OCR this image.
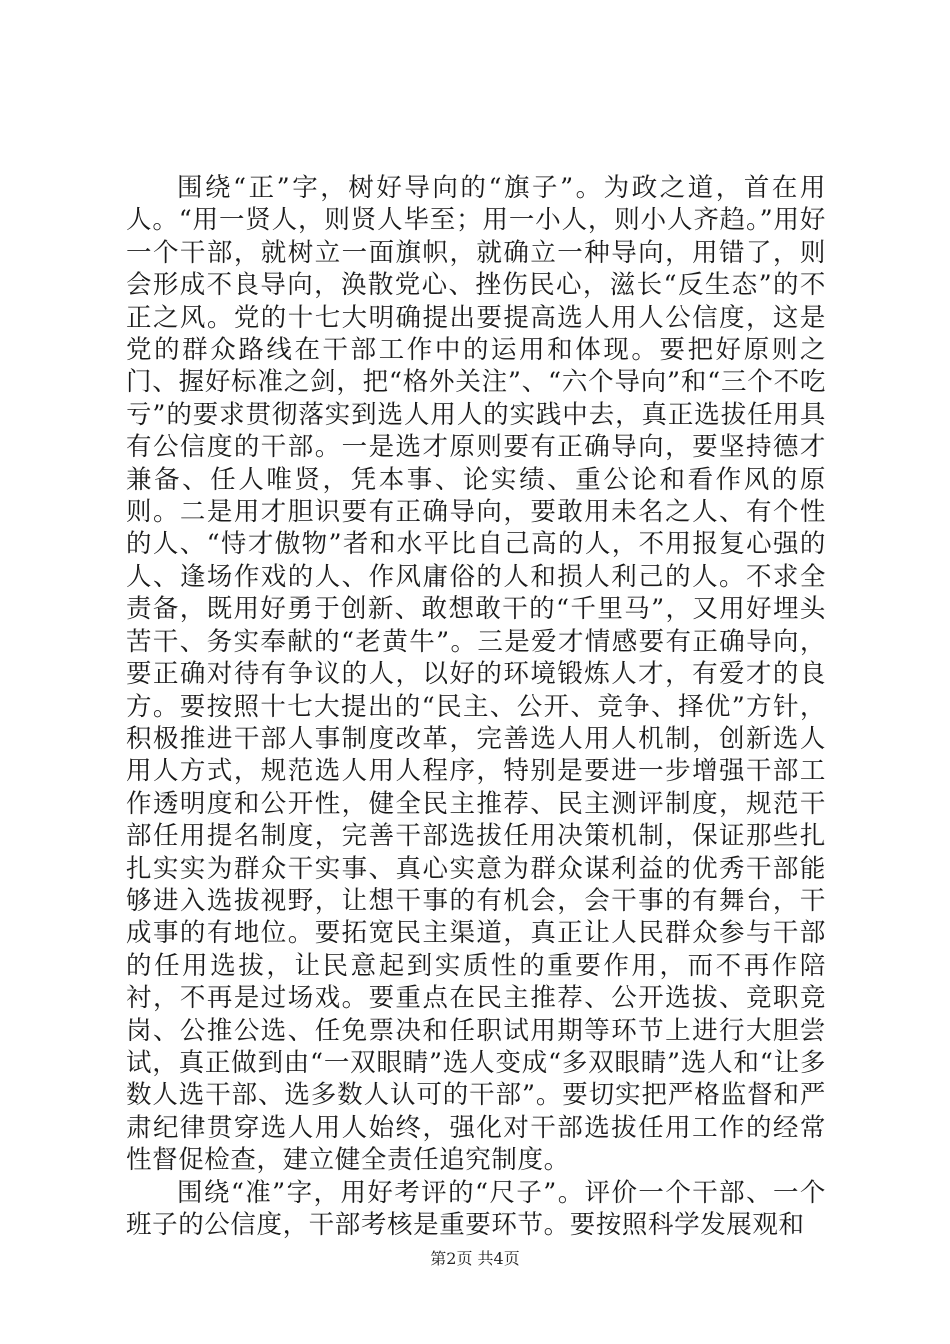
围绕“正”字，树好导向的“旗子”。为政之道，首在用人。“用一贤人，则贤人毕至；用一小人，则小人齐趋。”用好一个干部，就树立一面旗帜，就确立一种导向，用错了，则会形成不良导向，涣散党心、挫伤民心，滋长“反生态”的不正之风。党的十七大明确提出要提高选人用人公信度，这是党的群众路线在干部工作中的运用和体现。要把好原则之门、握好标准之剑，把“格外关注”、“六个导向”和“三个不吃亏”的要求贯彻落实到选人用人的实践中去，真正选拔任用具有公信度的干部。一是选才原则要有正确导向，要坚持德才兼备、任人唯贤，凭本事、论实绩、重公论和看作风的原则。二是用才胆识要有正确导向，要敢用未名之人、有个性的人、“恃才傲物”者和水平比自己高的人，不用报复心强的人、逢场作戏的人、作风庸俗的人和损人利己的人。不求全责备，既用好勇于创新、敢想敢干的“千里马”，又用好埋头苦干、务实奉献的“老黄牛”。三是爱才情感要有正确导向，要正确对待有争议的人，以好的环境锻炼人才，有爱才的良方。要按照十七大提出的“民主、公开、竞争、择优”方针，积极推进干部人事制度改革，完善选人用人机制，创新选人用人方式，规范选人用人程序，特别是要进一步增强干部工作透明度和公开性，健全民主推荐、民主测评制度，规范干部任用提名制度，完善干部选拔任用决策机制，保证那些扎扎实实为群众干实事、真心实意为群众谋利益的优秀干部能够进入选拔视野，让想干事的有机会，会干事的有舞台，干成事的有地位。要拓宽民主渠道，真正让人民群众参与干部的任用选拔，让民意起到实质性的重要作用，而不再作陪衬，不再是过场戏。要重点在民主推荐、公开选拔、竞职竞岗、公推公选、任免票决和任职试用期等环节上进行大胆尝试，真正做到由“一双眼睛”选人变成“多双眼睛”选人和“让多数人选干部、选多数人认可的干部”。要切实把严格监督和严肃纪律贯穿选人用人始终，强化对干部选拔任用工作的经常性督促检查，建立健全责任追究制度。

围绕“准”字，用好考评的“尺子”。评价一个干部、一个班子的公信度，干部考核是重要环节。要按照科学发展观和

第2页 共4页
